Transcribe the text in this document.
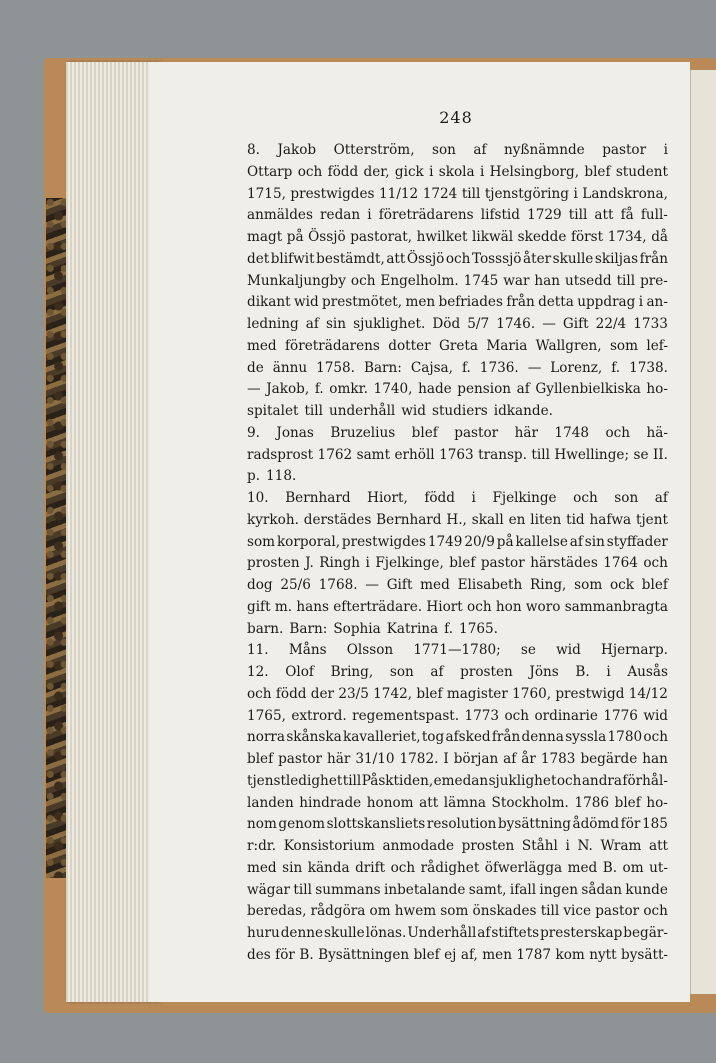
248
8. Jakob Otterström, son af nyßnämnde pastor i
Ottarp och född der, gick i skola i Helsingborg, blef student
1715, prestwigdes 11/12 1724 till tjenstgöring i Landskrona,
anmäldes redan i företrädarens lifstid 1729 till att få full-
magt på Össjö pastorat, hwilket likwäl skedde först 1734, då
det blifwit bestämdt, att Össjö och Tosssjö åter skulle skiljas från
Munkaljungby och Engelholm. 1745 war han utsedd till pre-
dikant wid prestmötet, men befriades från detta uppdrag i an-
ledning af sin sjuklighet. Död 5/7 1746. — Gift 22/4 1733
med företrädarens dotter Greta Maria Wallgren, som lef-
de ännu 1758. Barn: Cajsa, f. 1736. — Lorenz, f. 1738.
— Jakob, f. omkr. 1740, hade pension af Gyllenbielkiska ho-
spitalet till underhåll wid studiers idkande.
9. Jonas Bruzelius blef pastor här 1748 och hä-
radsprost 1762 samt erhöll 1763 transp. till Hwellinge; se II.
p. 118.
10. Bernhard Hiort, född i Fjelkinge och son af
kyrkoh. derstädes Bernhard H., skall en liten tid hafwa tjent
som korporal, prestwigdes 1749 20/9 på kallelse af sin styffader
prosten J. Ringh i Fjelkinge, blef pastor härstädes 1764 och
dog 25/6 1768. — Gift med Elisabeth Ring, som ock blef
gift m. hans efterträdare. Hiort och hon woro sammanbragta
barn. Barn: Sophia Katrina f. 1765.
11. Måns Olsson 1771—1780; se wid Hjernarp.
12. Olof Bring, son af prosten Jöns B. i Ausås
och född der 23/5 1742, blef magister 1760, prestwigd 14/12
1765, extrord. regementspast. 1773 och ordinarie 1776 wid
norra skånska kavalleriet, tog afsked från denna syssla 1780 och
blef pastor här 31/10 1782. I början af år 1783 begärde han
tjenstledighet till Påsktiden, emedan sjuklighet och andra förhål-
landen hindrade honom att lämna Stockholm. 1786 blef ho-
nom genom slottskansliets resolution bysättning ådömd för 185
r:dr. Konsistorium anmodade prosten Ståhl i N. Wram att
med sin kända drift och rådighet öfwerlägga med B. om ut-
wägar till summans inbetalande samt, ifall ingen sådan kunde
beredas, rådgöra om hwem som önskades till vice pastor och
huru denne skulle lönas. Underhåll af stiftets presterskap begär-
des för B. Bysättningen blef ej af, men 1787 kom nytt bysätt-
